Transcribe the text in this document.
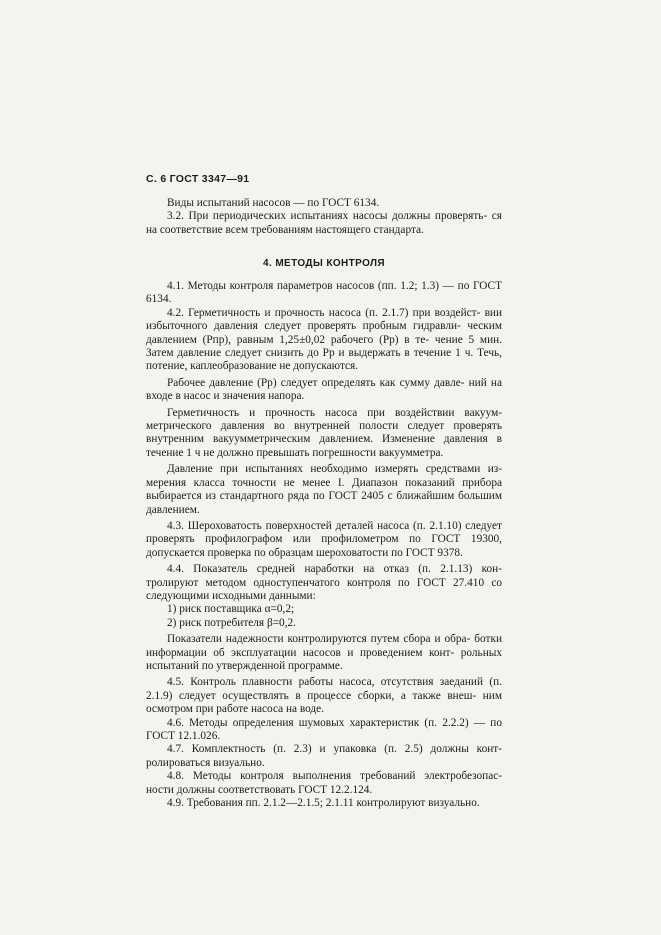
С. 6 ГОСТ 3347—91

Виды испытаний насосов — по ГОСТ 6134.

3.2. При периодических испытаниях насосы должны проверять- ся на соответствие всем требованиям настоящего стандарта.

4. МЕТОДЫ КОНТРОЛЯ

4.1. Методы контроля параметров насосов (пп. 1.2; 1.3) — по ГОСТ 6134.

4.2. Герметичность и прочность насоса (п. 2.1.7) при воздейст- вии избыточного давления следует проверять пробным гидравли- ческим давлением (Pпр), равным 1,25±0,02 рабочего (Pр) в те- чение 5 мин. Затем давление следует снизить до Pр и выдержать в течение 1 ч. Течь, потение, каплеобразование не допускаются.

Рабочее давление (Pр) следует определять как сумму давле- ний на входе в насос и значения напора.

Герметичность и прочность насоса при воздействии вакуум- метрического давления во внутренней полости следует проверять внутренним вакуумметрическим давлением. Изменение давления в течение 1 ч не должно превышать погрешности вакуумметра.

Давление при испытаниях необходимо измерять средствами из- мерения класса точности не менее I. Диапазон показаний прибора выбирается из стандартного ряда по ГОСТ 2405 с ближайшим большим давлением.

4.3. Шероховатость поверхностей деталей насоса (п. 2.1.10) следует проверять профилографом или профилометром по ГОСТ 19300, допускается проверка по образцам шероховатости по ГОСТ 9378.

4.4. Показатель средней наработки на отказ (п. 2.1.13) кон- тролируют методом одноступенчатого контроля по ГОСТ 27.410 со следующими исходными данными:

1) риск поставщика α=0,2;

2) риск потребителя β=0,2.

Показатели надежности контролируются путем сбора и обра- ботки информации об эксплуатации насосов и проведением конт- рольных испытаний по утвержденной программе.

4.5. Контроль плавности работы насоса, отсутствия заеданий (п. 2.1.9) следует осуществлять в процессе сборки, а также внеш- ним осмотром при работе насоса на воде.

4.6. Методы определения шумовых характеристик (п. 2.2.2) — по ГОСТ 12.1.026.

4.7. Комплектность (п. 2.3) и упаковка (п. 2.5) должны конт- ролироваться визуально.

4.8. Методы контроля выполнения требований электробезопас- ности должны соответствовать ГОСТ 12.2.124.

4.9. Требования пп. 2.1.2—2.1.5; 2.1.11 контролируют визуально.
